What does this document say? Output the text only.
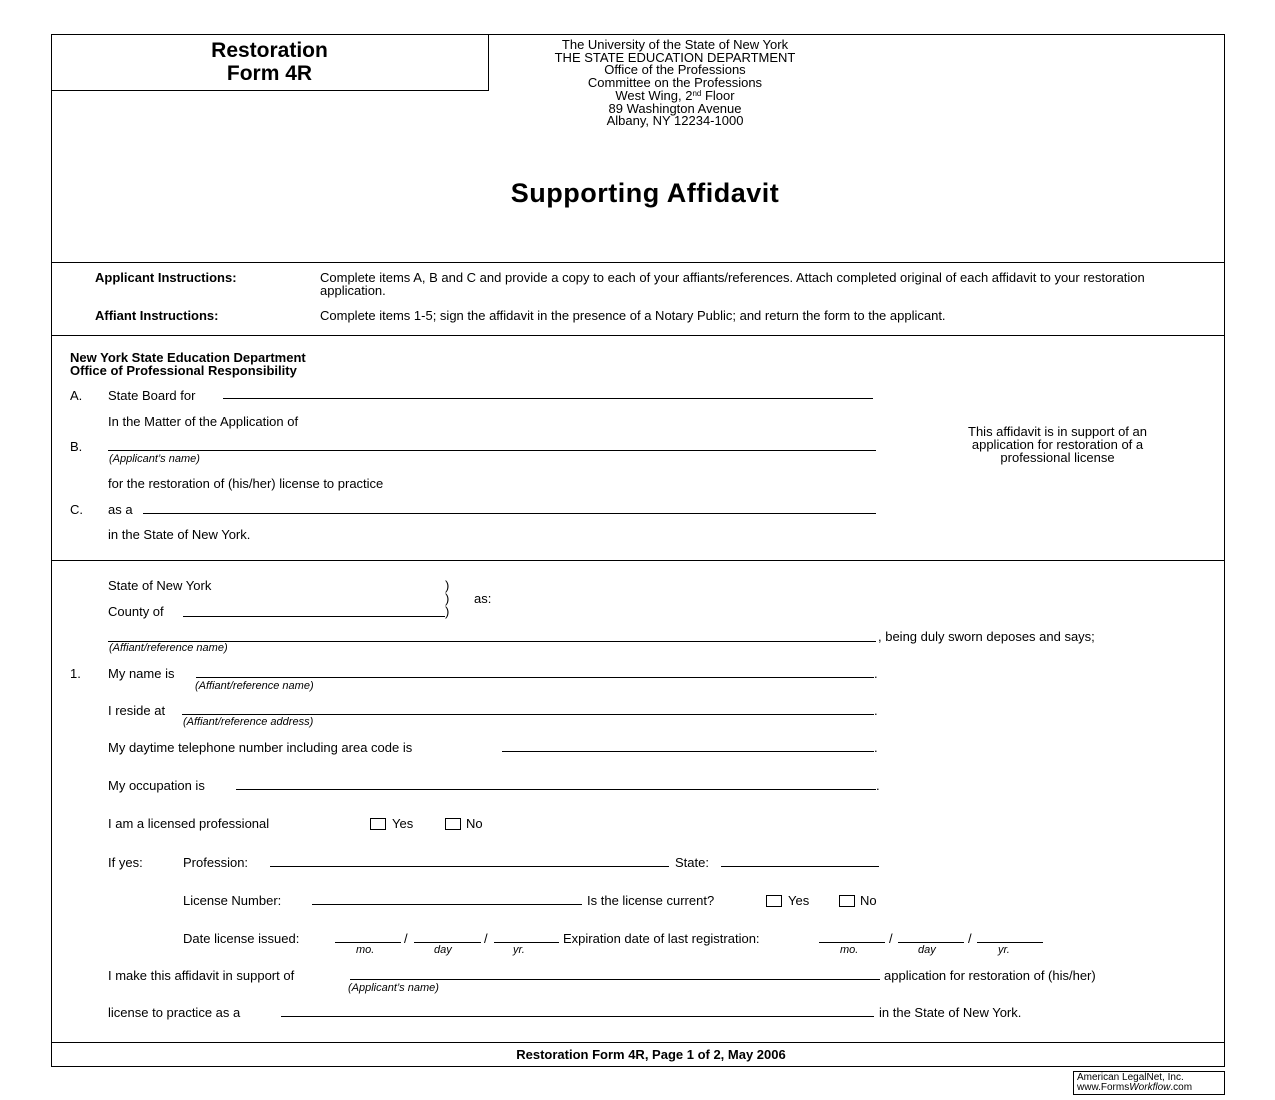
Restoration
Form 4R
The University of the State of New York
THE STATE EDUCATION DEPARTMENT
Office of the Professions
Committee on the Professions
West Wing, 2nd Floor
89 Washington Avenue
Albany, NY 12234-1000
Supporting Affidavit
Applicant Instructions:	Complete items A, B and C and provide a copy to each of your affiants/references. Attach completed original of each affidavit to your restoration application.
Affiant Instructions:	Complete items 1-5; sign the affidavit in the presence of a Notary Public; and return the form to the applicant.
New York State Education Department
Office of Professional Responsibility
A. State Board for
In the Matter of the Application of
B.
(Applicant’s name)
for the restoration of (his/her) license to practice
C. as a
in the State of New York.
This affidavit is in support of an application for restoration of a professional license
State of New York	)
) as:
County of	)
, being duly sworn deposes and says;
(Affiant/reference name)
1. My name is	.
(Affiant/reference name)
I reside at	.
(Affiant/reference address)
My daytime telephone number including area code is	.
My occupation is	.
I am a licensed professional	Yes	No
If yes:	Profession:	State:
License Number:	Is the license current?	Yes	No
Date license issued:	/	/	Expiration date of last registration:	/	/
mo.	day	yr.	mo.	day	yr.
I make this affidavit in support of	application for restoration of (his/her)
(Applicant’s name)
license to practice as a	in the State of New York.
Restoration Form 4R, Page 1 of 2, May 2006
American LegalNet, Inc.
www.FormsWorkflow.com
